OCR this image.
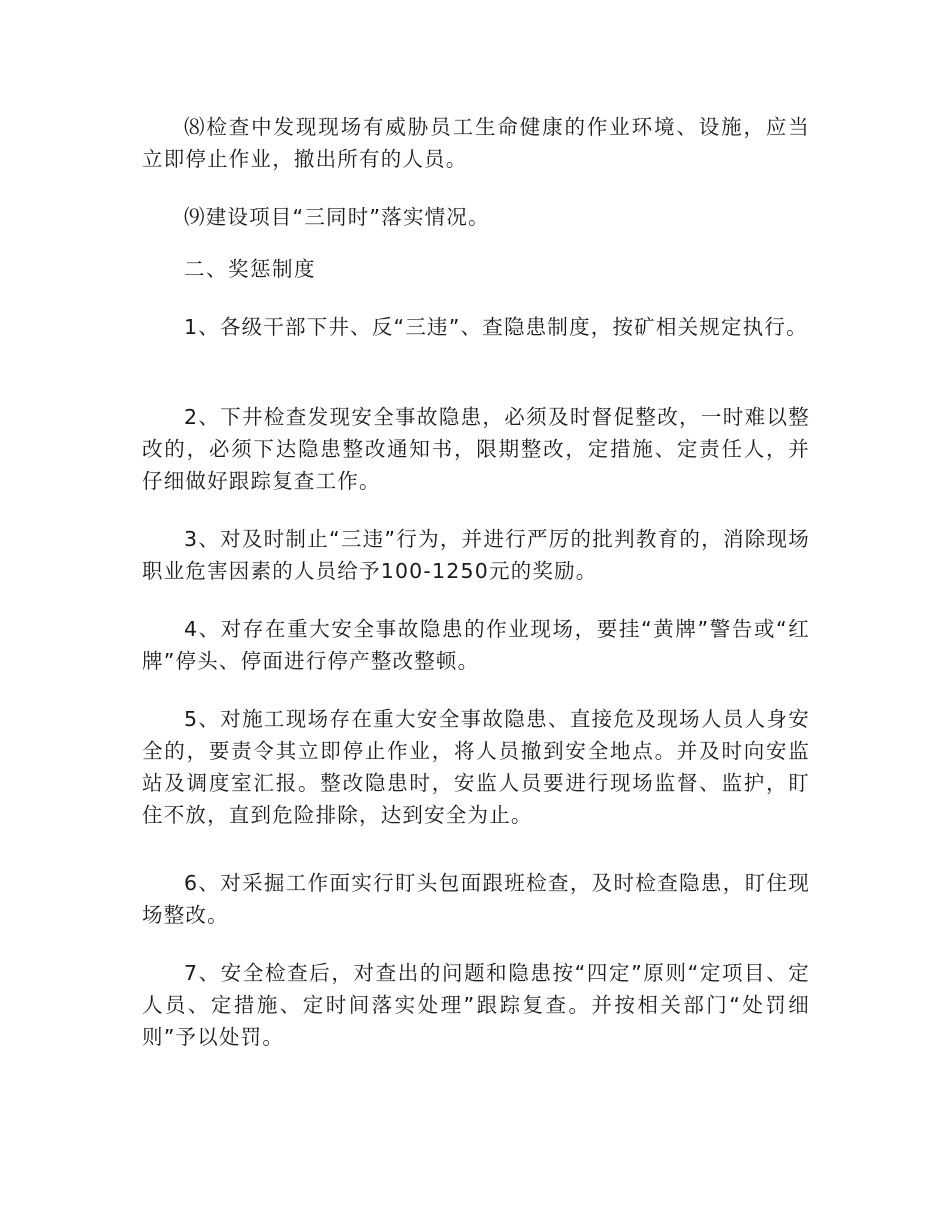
⑻检查中发现现场有威胁员工生命健康的作业环境、设施，应当立即停止作业，撤出所有的人员。

⑼建设项目“三同时”落实情况。

二、奖惩制度

1、各级干部下井、反“三违”、查隐患制度，按矿相关规定执行。

2、下井检查发现安全事故隐患，必须及时督促整改，一时难以整改的，必须下达隐患整改通知书，限期整改，定措施、定责任人，并仔细做好跟踪复查工作。

3、对及时制止“三违”行为，并进行严厉的批判教育的，消除现场职业危害因素的人员给予100-1250元的奖励。

4、对存在重大安全事故隐患的作业现场，要挂“黄牌”警告或“红牌”停头、停面进行停产整改整顿。

5、对施工现场存在重大安全事故隐患、直接危及现场人员人身安全的，要责令其立即停止作业，将人员撤到安全地点。并及时向安监站及调度室汇报。整改隐患时，安监人员要进行现场监督、监护，盯住不放，直到危险排除，达到安全为止。

6、对采掘工作面实行盯头包面跟班检查，及时检查隐患，盯住现场整改。

7、安全检查后，对查出的问题和隐患按“四定”原则“定项目、定人员、定措施、定时间落实处理”跟踪复查。并按相关部门“处罚细则”予以处罚。
